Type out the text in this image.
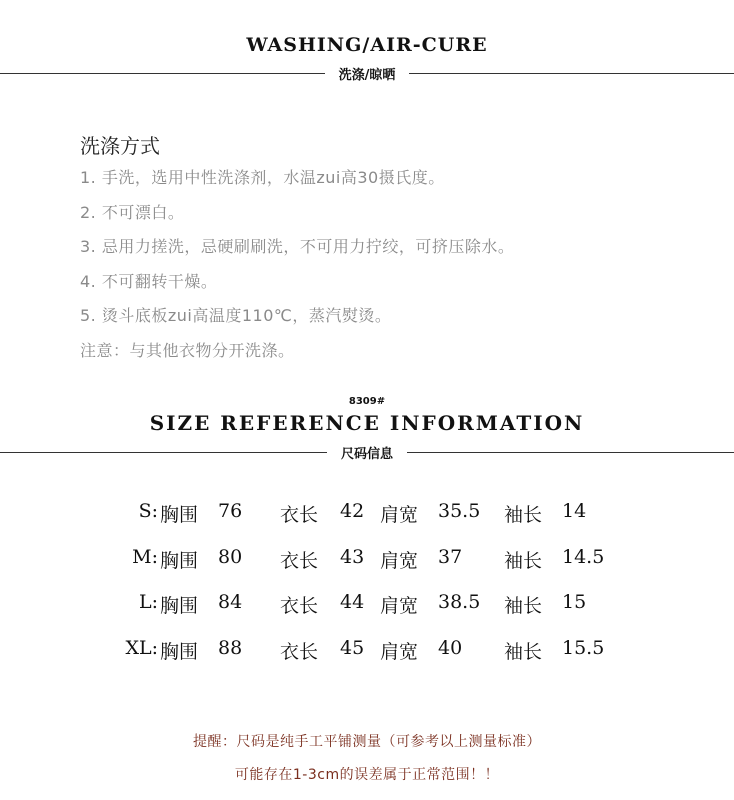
WASHING/AIR-CURE
洗涤/晾晒
洗涤方式
1. 手洗，选用中性洗涤剂，水温zui高30摄氏度。
2. 不可漂白。
3. 忌用力搓洗，忌硬刷刷洗，不可用力拧绞，可挤压除水。
4. 不可翻转干燥。
5. 烫斗底板zui高温度110℃，蒸汽熨烫。
注意：与其他衣物分开洗涤。
8309#
SIZE REFERENCE INFORMATION
尺码信息
S: 胸围 76 衣长 42 肩宽 35.5 袖长 14
M: 胸围 80 衣长 43 肩宽 37 袖长 14.5
L: 胸围 84 衣长 44 肩宽 38.5 袖长 15
XL: 胸围 88 衣长 45 肩宽 40 袖长 15.5
提醒：尺码是纯手工平铺测量（可参考以上测量标准）
可能存在1-3cm的误差属于正常范围！！
